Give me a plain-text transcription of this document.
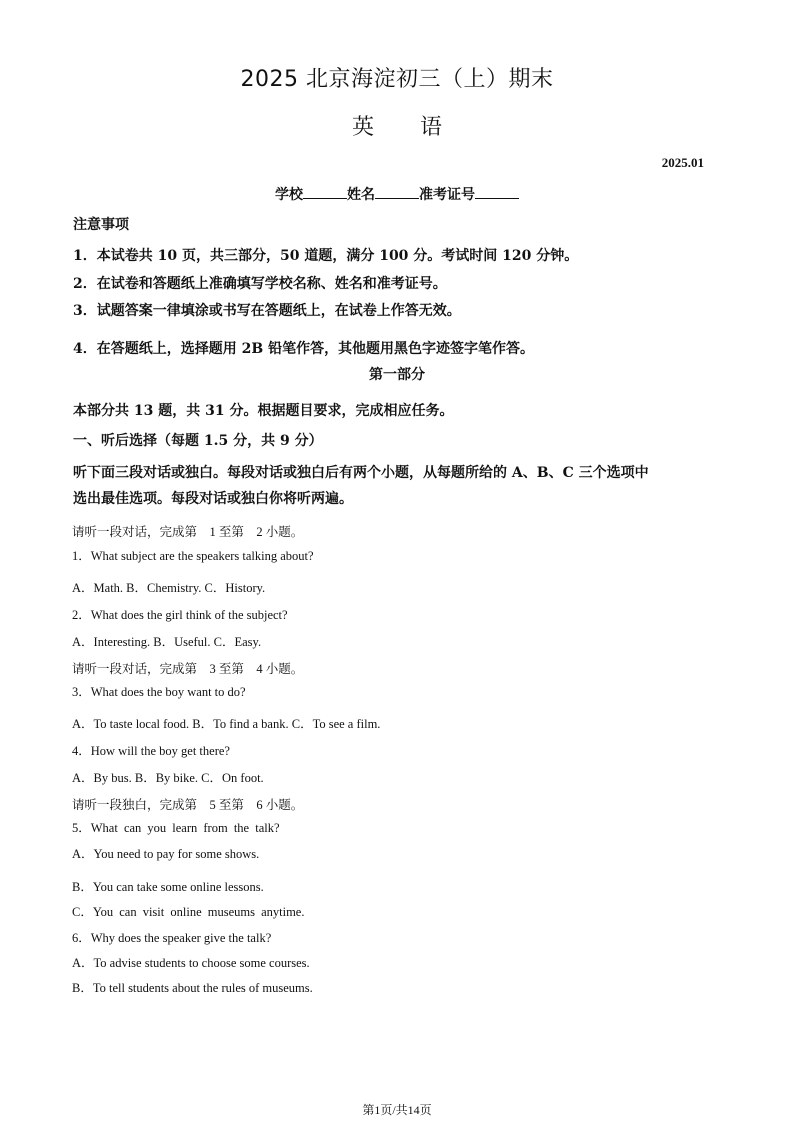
2025 北京海淀初三（上）期末
英 语
2025.01
学校	姓名	准考证号
注意事项
1．本试卷共 10 页，共三部分，50 道题，满分 100 分。考试时间 120 分钟。
2．在试卷和答题纸上准确填写学校名称、姓名和准考证号。
3．试题答案一律填涂或书写在答题纸上，在试卷上作答无效。
4．在答题纸上，选择题用 2B 铅笔作答，其他题用黑色字迹签字笔作答。
第一部分
本部分共 13 题，共 31 分。根据题目要求，完成相应任务。
一、听后选择（每题 1.5 分，共 9 分）
听下面三段对话或独白。每段对话或独白后有两个小题，从每题所给的 A、B、C 三个选项中
选出最佳选项。每段对话或独白你将听两遍。
请听一段对话，完成第　1 至第　2 小题。
1．What subject are the speakers talking about?
A．Math. B．Chemistry. C．History.
2．What does the girl think of the subject?
A．Interesting. B．Useful. C．Easy.
请听一段对话，完成第　3 至第　4 小题。
3．What does the boy want to do?
A．To taste local food. B．To find a bank. C．To see a film.
4．How will the boy get there?
A．By bus. B．By bike. C．On foot.
请听一段独白，完成第　5 至第　6 小题。
5．What can you learn from the talk?
A．You need to pay for some shows.
B．You can take some online lessons.
C．You can visit online museums anytime.
6．Why does the speaker give the talk?
A．To advise students to choose some courses.
B．To tell students about the rules of museums.
第1页/共14页
